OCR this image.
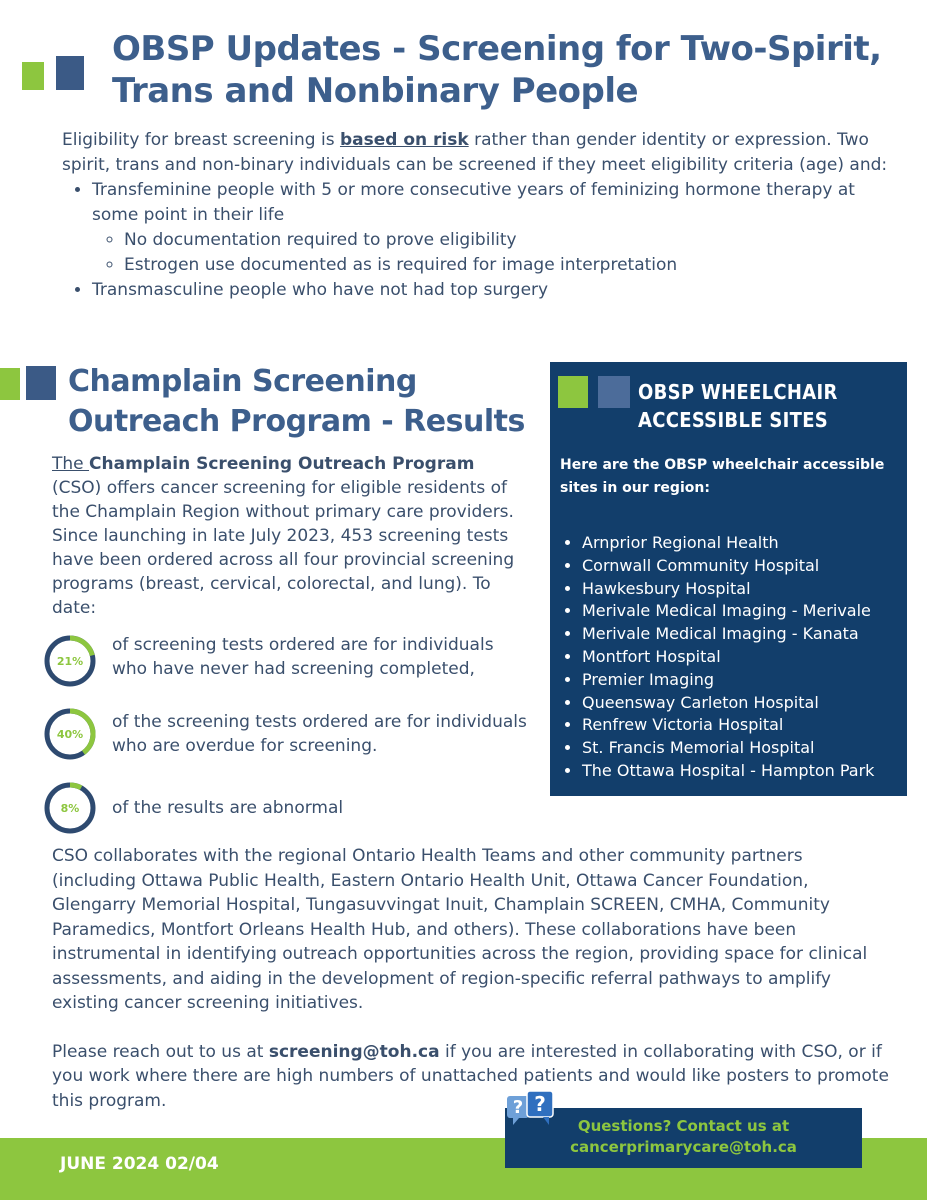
OBSP Updates - Screening for Two-Spirit, Trans and Nonbinary People

Eligibility for breast screening is based on risk rather than gender identity or expression. Two spirit, trans and non-binary individuals can be screened if they meet eligibility criteria (age) and:

• Transfeminine people with 5 or more consecutive years of feminizing hormone therapy at some point in their life
◦ No documentation required to prove eligibility
◦ Estrogen use documented as is required for image interpretation
• Transmasculine people who have not had top surgery
Champlain Screening Outreach Program - Results

The Champlain Screening Outreach Program (CSO) offers cancer screening for eligible residents of the Champlain Region without primary care providers. Since launching in late July 2023, 453 screening tests have been ordered across all four provincial screening programs (breast, cervical, colorectal, and lung). To date:

21%
of screening tests ordered are for individuals who have never had screening completed,
40%
of the screening tests ordered are for individuals who are overdue for screening.
8% of the results are abnormal

CSO collaborates with the regional Ontario Health Teams and other community partners (including Ottawa Public Health, Eastern Ontario Health Unit, Ottawa Cancer Foundation, Glengarry Memorial Hospital, Tungasuvvingat Inuit, Champlain SCREEN, CMHA, Community Paramedics, Montfort Orleans Health Hub, and others). These collaborations have been instrumental in identifying outreach opportunities across the region, providing space for clinical assessments, and aiding in the development of region-specific referral pathways to amplify existing cancer screening initiatives.

Please reach out to us at screening@toh.ca if you are interested in collaborating with CSO, or if you work where there are high numbers of unattached patients and would like posters to promote this program.

OBSP WHEELCHAIR
ACCESSIBLE SITES

Here are the OBSP wheelchair accessible sites in our region:

• Arnprior Regional Health
• Cornwall Community Hospital
• Hawkesbury Hospital
• Merivale Medical Imaging - Merivale
• Merivale Medical Imaging - Kanata
• Montfort Hospital
• Premier Imaging
• Queensway Carleton Hospital
• Renfrew Victoria Hospital
• St. Francis Memorial Hospital
• The Ottawa Hospital - Hampton Park

JUNE 2024 02/04

Questions? Contact us at
cancerprimarycare@toh.ca
? ?
